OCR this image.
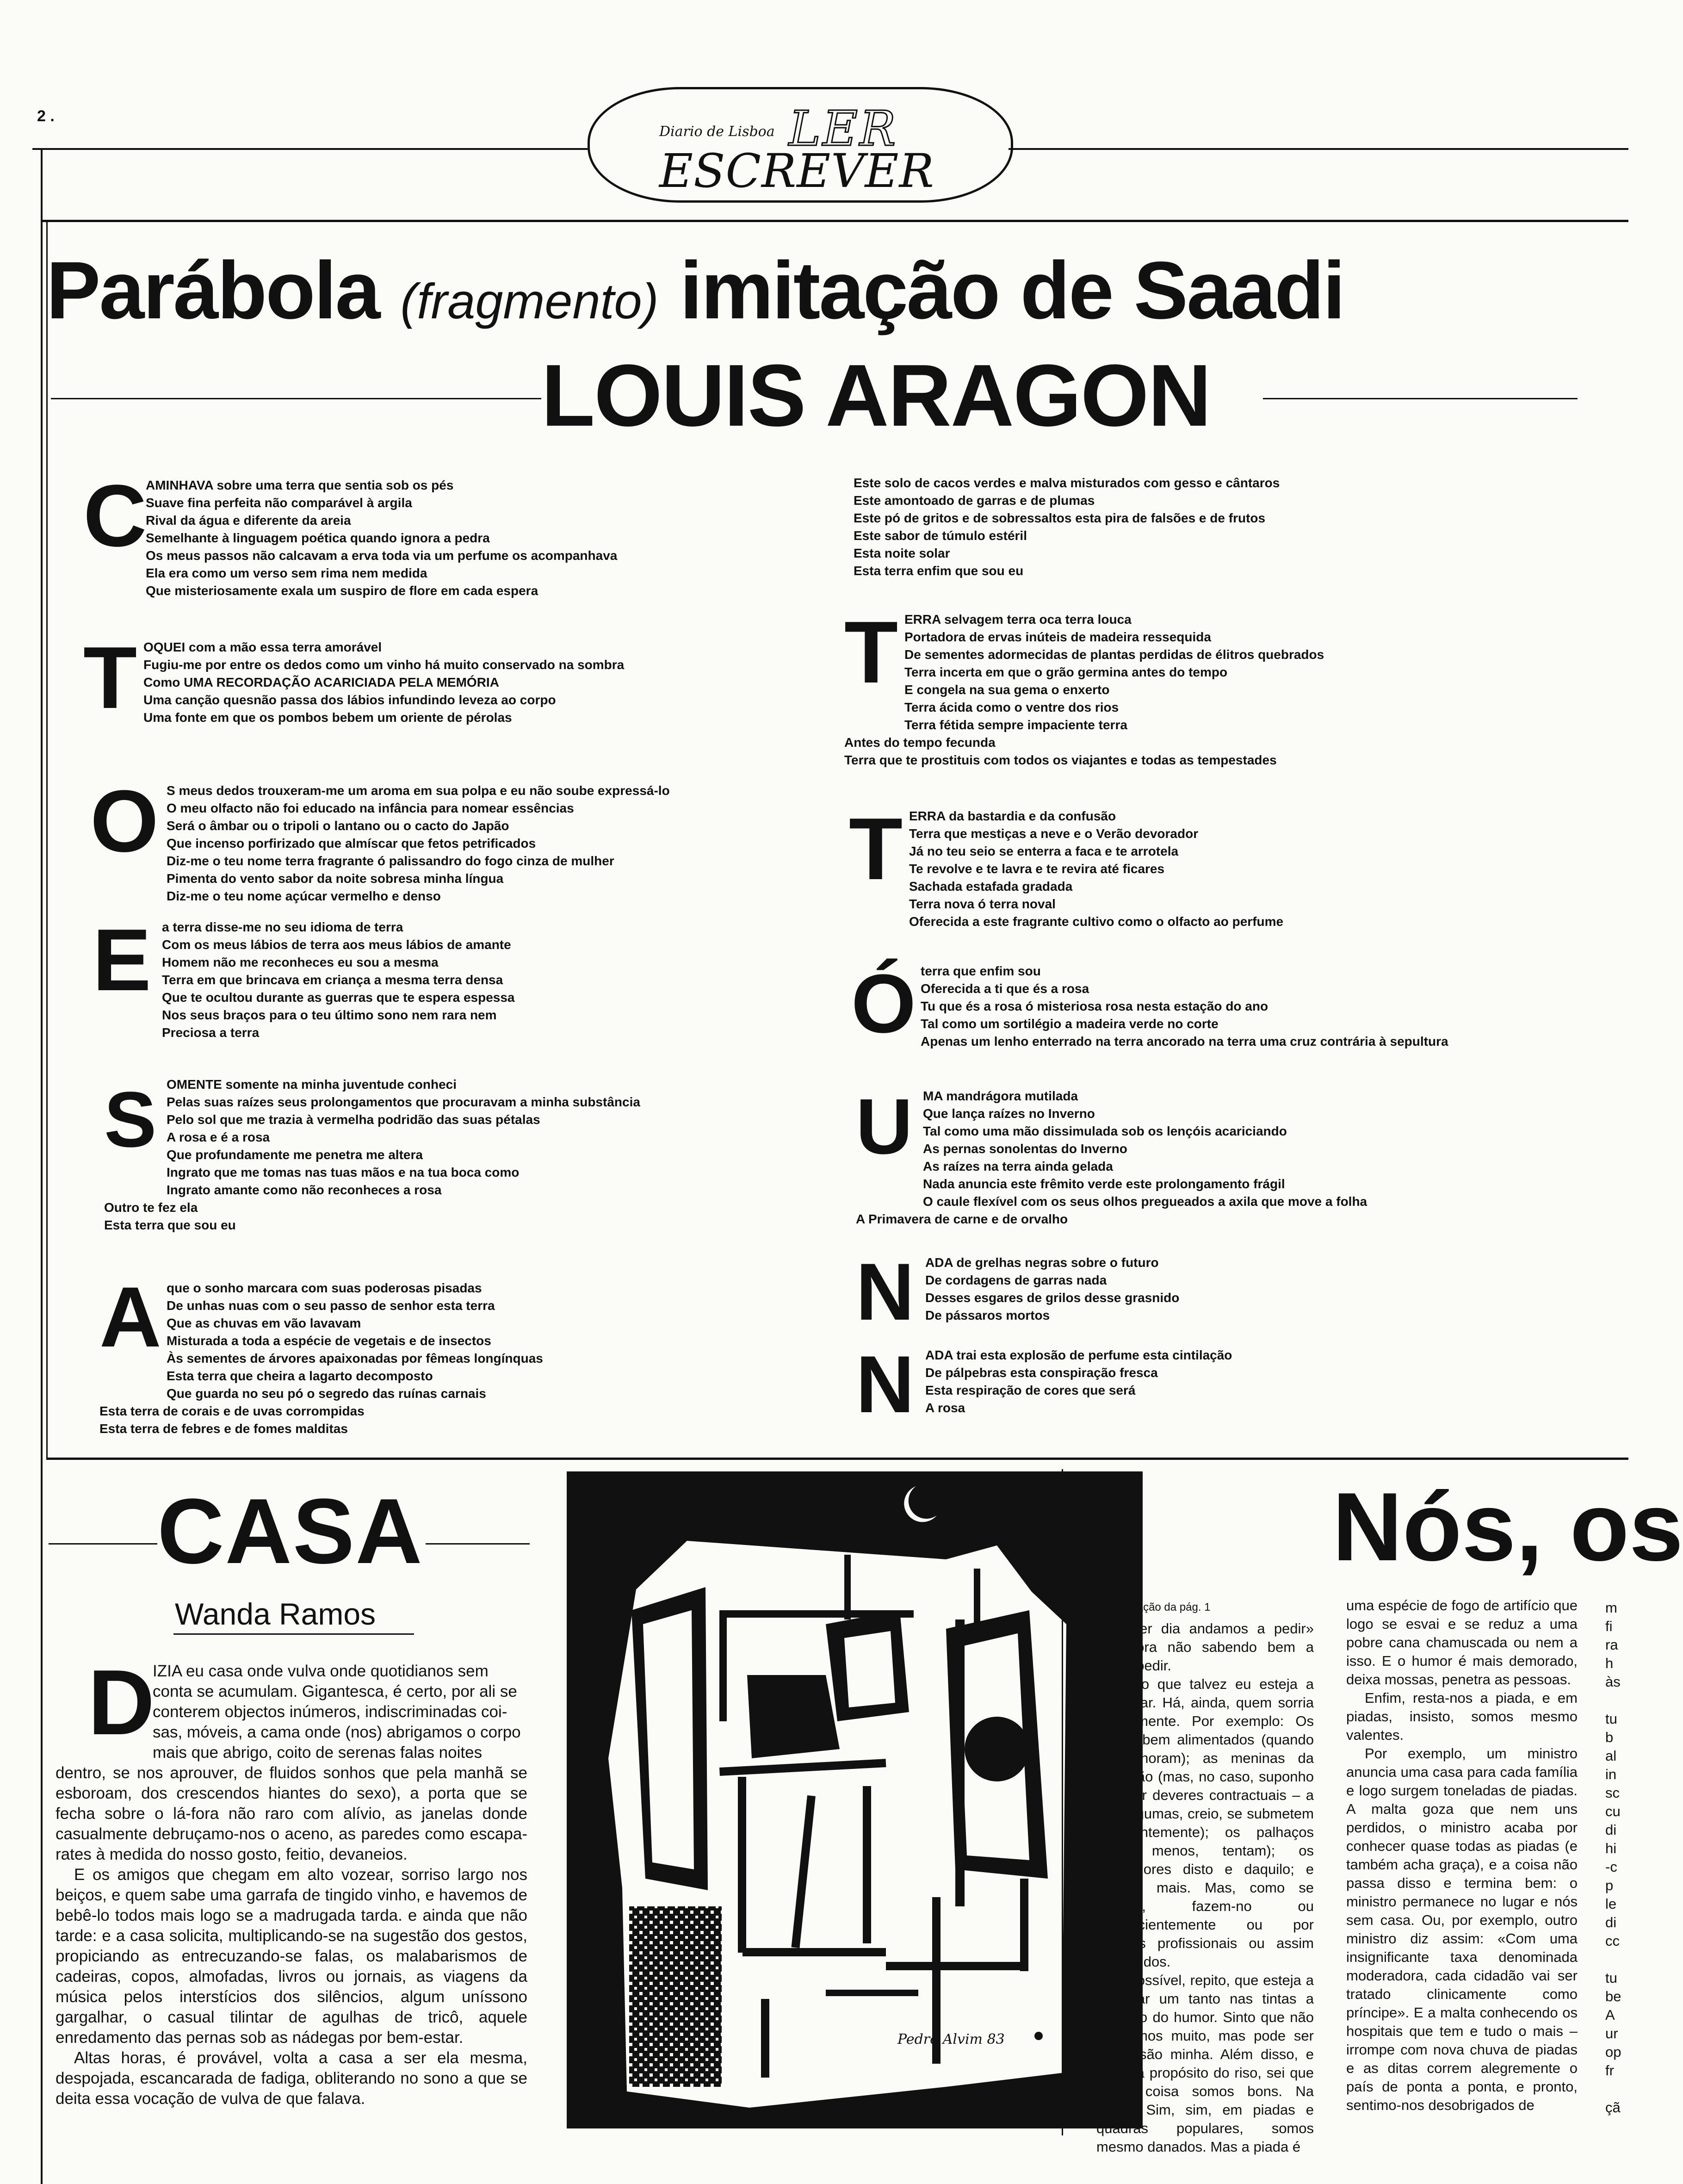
2 .
Diario de Lisboa LER
ESCREVER
Parábola (fragmento) imitação de Saadi
LOUIS ARAGON
C
AMINHAVA sobre uma terra que sentia sob os pés
Suave fina perfeita não comparável à argila
Rival da água e diferente da areia
Semelhante à linguagem poética quando ignora a pedra
Os meus passos não calcavam a erva toda via um perfume os acompanhava
Ela era como um verso sem rima nem medida
Que misteriosamente exala um suspiro de flore em cada espera
T OQUEI com a mão essa terra amorável
Fugiu-me por entre os dedos como um vinho há muito conservado na sombra
Como UMA RECORDAÇÃO ACARICIADA PELA MEMÓRIA
Uma canção quesnão passa dos lábios infundindo leveza ao corpo
Uma fonte em que os pombos bebem um oriente de pérolas
O S meus dedos trouxeram-me um aroma em sua polpa e eu não soube expressá-lo
O meu olfacto não foi educado na infância para nomear essências
Será o âmbar ou o tripoli o lantano ou o cacto do Japão
Que incenso porfirizado que almíscar que fetos petrificados
Diz-me o teu nome terra fragrante ó palissandro do fogo cinza de mulher
Pimenta do vento sabor da noite sobresa minha língua
Diz-me o teu nome açúcar vermelho e denso
E a terra disse-me no seu idioma de terra
Com os meus lábios de terra aos meus lábios de amante
Homem não me reconheces eu sou a mesma
Terra em que brincava em criança a mesma terra densa
Que te ocultou durante as guerras que te espera espessa
Nos seus braços para o teu último sono nem rara nem
Preciosa a terra
S OMENTE somente na minha juventude conheci
Pelas suas raízes seus prolongamentos que procuravam a minha substância
Pelo sol que me trazia à vermelha podridão das suas pétalas
A rosa e é a rosa
Que profundamente me penetra me altera
Ingrato que me tomas nas tuas mãos e na tua boca como
Ingrato amante como não reconheces a rosa
Outro te fez ela
Esta terra que sou eu
A que o sonho marcara com suas poderosas pisadas
De unhas nuas com o seu passo de senhor esta terra
Que as chuvas em vão lavavam
Misturada a toda a espécie de vegetais e de insectos
Às sementes de árvores apaixonadas por fêmeas longínquas
Esta terra que cheira a lagarto decomposto
Que guarda no seu pó o segredo das ruínas carnais
Esta terra de corais e de uvas corrompidas
Esta terra de febres e de fomes malditas
Este solo de cacos verdes e malva misturados com gesso e cântaros
Este amontoado de garras e de plumas
Este pó de gritos e de sobressaltos esta pira de falsões e de frutos
Este sabor de túmulo estéril
Esta noite solar
Esta terra enfim que sou eu
T ERRA selvagem terra oca terra louca
Portadora de ervas inúteis de madeira ressequida
De sementes adormecidas de plantas perdidas de élitros quebrados
Terra incerta em que o grão germina antes do tempo
E congela na sua gema o enxerto
Terra ácida como o ventre dos rios
Terra fétida sempre impaciente terra
Antes do tempo fecunda
Terra que te prostituis com todos os viajantes e todas as tempestades
T ERRA da bastardia e da confusão
Terra que mestiças a neve e o Verão devorador
Já no teu seio se enterra a faca e te arrotela
Te revolve e te lavra e te revira até ficares
Sachada estafada gradada
Terra nova ó terra noval
Oferecida a este fragrante cultivo como o olfacto ao perfume
Ó terra que enfim sou
Oferecida a ti que és a rosa
Tu que és a rosa ó misteriosa rosa nesta estação do ano
Tal como um sortilégio a madeira verde no corte
Apenas um lenho enterrado na terra ancorado na terra uma cruz contrária à sepultura
U MA mandrágora mutilada
Que lança raízes no Inverno
Tal como uma mão dissimulada sob os lençóis acariciando
As pernas sonolentas do Inverno
As raízes na terra ainda gelada
Nada anuncia este frêmito verde este prolongamento frágil
O caule flexível com os seus olhos pregueados a axila que move a folha
A Primavera de carne e de orvalho
N ADA de grelhas negras sobre o futuro
De cordagens de garras nada
Desses esgares de grilos desse grasnido
De pássaros mortos
N ADA trai esta explosão de perfume esta cintilação
De pálpebras esta conspiração fresca
Esta respiração de cores que será
A rosa
CASA
Wanda Ramos
D
IZIA eu casa onde vulva onde quotidianos sem
conta se acumulam. Gigantesca, é certo, por ali se
conterem objectos inúmeros, indiscriminadas coi-
sas, móveis, a cama onde (nos) abrigamos o corpo
mais que abrigo, coito de serenas falas noites

dentro, se nos aprouver, de fluidos sonhos que pela manhã se esboroam, dos crescendos hiantes do sexo), a porta que se fecha sobre o lá-fora não raro com alívio, as janelas donde casualmente debruçamo-nos o aceno, as paredes como escapa-rates à medida do nosso gosto, feitio, devaneios.

E os amigos que chegam em alto vozear, sorriso largo nos beiços, e quem sabe uma garrafa de tingido vinho, e havemos de bebê-lo todos mais logo se a madrugada tarda. e ainda que não tarde: e a casa solicita, multiplicando-se na sugestão dos gestos, propiciando as entrecuzando-se falas, os malabarismos de cadeiras, copos, almofadas, livros ou jornais, as viagens da música pelos interstícios dos silêncios, algum uníssono gargalhar, o casual tilintar de agulhas de tricô, aquele enredamento das pernas sob as nádegas por bem-estar.

Altas horas, é provável, volta a casa a ser ela mesma, despojada, escancarada de fadiga, obliterando no sono a que se deita essa vocação de vulva de que falava.

Pedro Alvim 83
Nós, os
Continuação da pág. 1

qualquer dia andamos a pedir» ...embora não sabendo bem a quem pedir.

Claro que talvez eu esteja a exagerar. Há, ainda, quem sorria francamente. Por exemplo: Os bebés bem alimentados (quando não choram); as meninas da televisão (mas, no caso, suponho que por deveres contractuais – a que algumas, creio, se submetem sorridentemente); os palhaços (pelo menos, tentam); os vendedores disto e daquilo; e poucos mais. Mas, como se verifica, fazem-no ou inconscientemente ou por motivos profissionais ou assim entendidos.

É possível, repito, que esteja a carregar um tanto nas tintas a respeito do humor. Sinto que não o usamos muito, mas pode ser impressão minha. Além disso, e ainda a propósito do riso, sei que numa coisa somos bons. Na piada. Sim, sim, em piadas e quadras populares, somos mesmo danados. Mas a piada é

uma espécie de fogo de artifício que logo se esvai e se reduz a uma pobre cana chamuscada ou nem a isso. E o humor é mais demorado, deixa mossas, penetra as pessoas.

Enfim, resta-nos a piada, e em piadas, insisto, somos mesmo valentes.

Por exemplo, um ministro anuncia uma casa para cada família e logo surgem toneladas de piadas. A malta goza que nem uns perdidos, o ministro acaba por conhecer quase todas as piadas (e também acha graça), e a coisa não passa disso e termina bem: o ministro permanece no lugar e nós sem casa. Ou, por exemplo, outro ministro diz assim: «Com uma insignificante taxa denominada moderadora, cada cidadão vai ser tratado clinicamente como príncipe». E a malta conhecendo os hospitais que tem e tudo o mais – irrompe com nova chuva de piadas e as ditas correm alegremente o país de ponta a ponta, e pronto, sentimo-nos desobrigados de

m
fi
ra
h
às

tu
b
al
in
sc
cu
di
hi
-c
p
le
di
cc

tu
be
A
ur
op
fr

çã
